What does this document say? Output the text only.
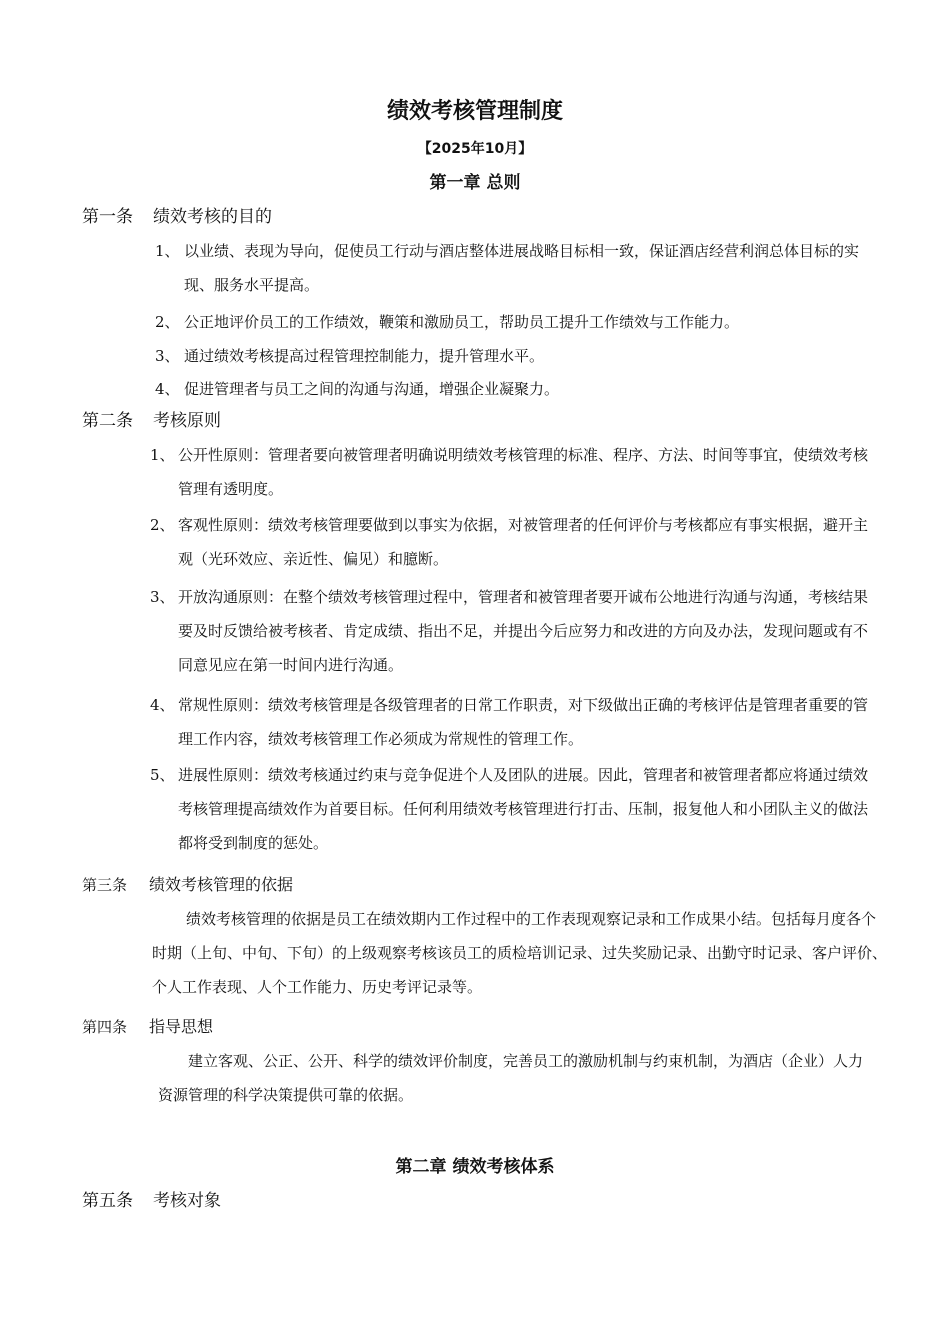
绩效考核管理制度
【2025年10月】
第一章 总则
第一条 绩效考核的目的
1、 以业绩、表现为导向，促使员工行动与酒店整体进展战略目标相一致，保证酒店经营利润总体目标的实现、服务水平提高。
2、 公正地评价员工的工作绩效，鞭策和激励员工，帮助员工提升工作绩效与工作能力。
3、 通过绩效考核提高过程管理控制能力，提升管理水平。
4、 促进管理者与员工之间的沟通与沟通，增强企业凝聚力。
第二条 考核原则
1、 公开性原则：管理者要向被管理者明确说明绩效考核管理的标准、程序、方法、时间等事宜，使绩效考核管理有透明度。
2、 客观性原则：绩效考核管理要做到以事实为依据，对被管理者的任何评价与考核都应有事实根据，避开主观（光环效应、亲近性、偏见）和臆断。
3、 开放沟通原则：在整个绩效考核管理过程中，管理者和被管理者要开诚布公地进行沟通与沟通，考核结果要及时反馈给被考核者、肯定成绩、指出不足，并提出今后应努力和改进的方向及办法，发现问题或有不同意见应在第一时间内进行沟通。
4、 常规性原则：绩效考核管理是各级管理者的日常工作职责，对下级做出正确的考核评估是管理者重要的管理工作内容，绩效考核管理工作必须成为常规性的管理工作。
5、 进展性原则：绩效考核通过约束与竞争促进个人及团队的进展。因此，管理者和被管理者都应将通过绩效考核管理提高绩效作为首要目标。任何利用绩效考核管理进行打击、压制，报复他人和小团队主义的做法都将受到制度的惩处。
第三条 绩效考核管理的依据
绩效考核管理的依据是员工在绩效期内工作过程中的工作表现观察记录和工作成果小结。包括每月度各个时期（上旬、中旬、下旬）的上级观察考核该员工的质检培训记录、过失奖励记录、出勤守时记录、客户评价、个人工作表现、人个工作能力、历史考评记录等。
第四条 指导思想
建立客观、公正、公开、科学的绩效评价制度，完善员工的激励机制与约束机制，为酒店（企业）人力资源管理的科学决策提供可靠的依据。
第二章 绩效考核体系
第五条 考核对象
